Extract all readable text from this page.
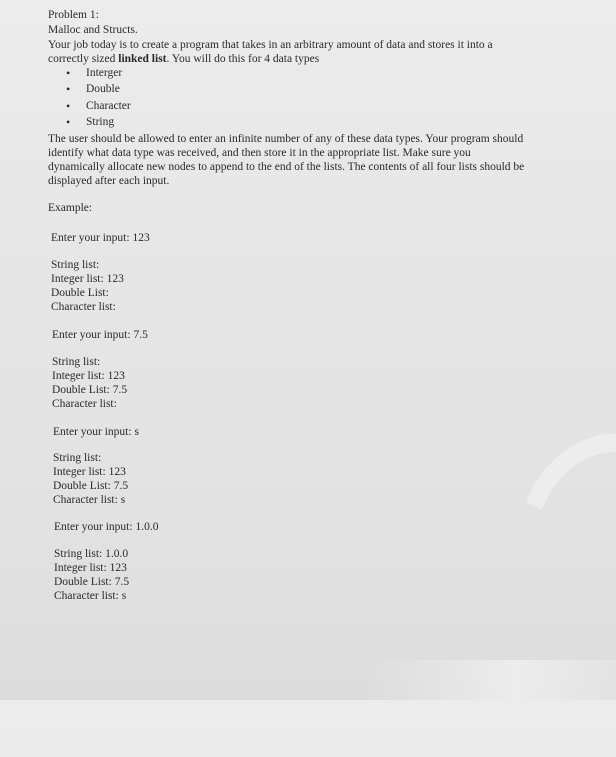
Problem 1:
Malloc and Structs.
Your job today is to create a program that takes in an arbitrary amount of data and stores it into a
correctly sized linked list. You will do this for 4 data types
• Interger
• Double
• Character
• String
The user should be allowed to enter an infinite number of any of these data types. Your program should
identify what data type was received, and then store it in the appropriate list. Make sure you
dynamically allocate new nodes to append to the end of the lists. The contents of all four lists should be
displayed after each input.
Example:
Enter your input: 123
String list:
Integer list: 123
Double List:
Character list:
Enter your input: 7.5
String list:
Integer list: 123
Double List: 7.5
Character list:
Enter your input: s
String list:
Integer list: 123
Double List: 7.5
Character list: s
Enter your input: 1.0.0
String list: 1.0.0
Integer list: 123
Double List: 7.5
Character list: s
